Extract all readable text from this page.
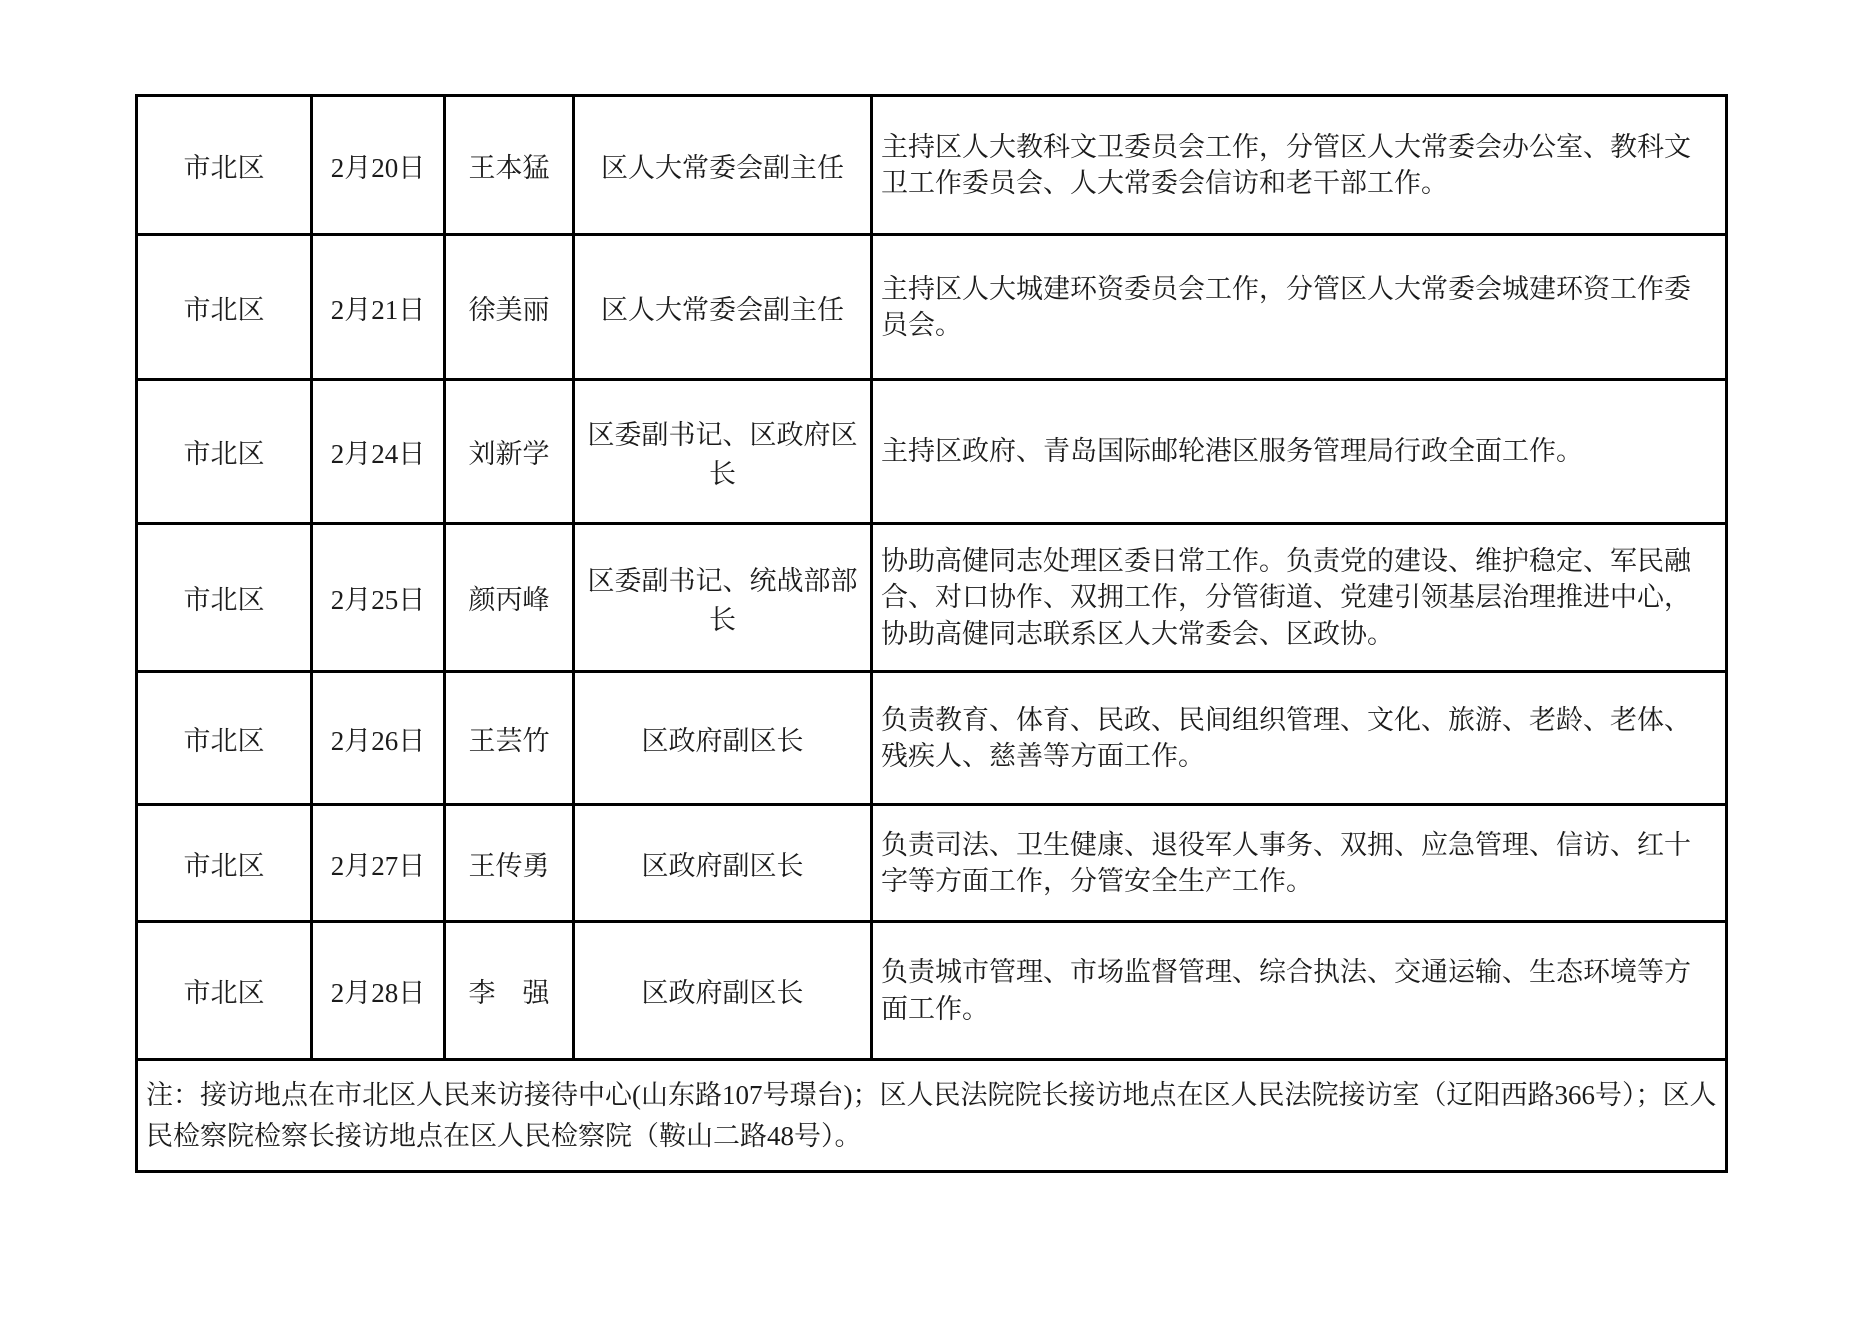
市北区	2月20日	王本猛	区人大常委会副主任	主持区人大教科文卫委员会工作，分管区人大常委会办公室、教科文卫工作委员会、人大常委会信访和老干部工作。
市北区	2月21日	徐美丽	区人大常委会副主任	主持区人大城建环资委员会工作，分管区人大常委会城建环资工作委员会。
市北区	2月24日	刘新学	区委副书记、区政府区长	主持区政府、青岛国际邮轮港区服务管理局行政全面工作。
市北区	2月25日	颜丙峰	区委副书记、统战部部长	协助高健同志处理区委日常工作。负责党的建设、维护稳定、军民融合、对口协作、双拥工作，分管街道、党建引领基层治理推进中心，协助高健同志联系区人大常委会、区政协。
市北区	2月26日	王芸竹	区政府副区长	负责教育、体育、民政、民间组织管理、文化、旅游、老龄、老体、残疾人、慈善等方面工作。
市北区	2月27日	王传勇	区政府副区长	负责司法、卫生健康、退役军人事务、双拥、应急管理、信访、红十字等方面工作，分管安全生产工作。
市北区	2月28日	李　强	区政府副区长	负责城市管理、市场监督管理、综合执法、交通运输、生态环境等方面工作。
注：接访地点在市北区人民来访接待中心(山东路107号璟台)；区人民法院院长接访地点在区人民法院接访室（辽阳西路366号）；区人民检察院检察长接访地点在区人民检察院（鞍山二路48号）。				
